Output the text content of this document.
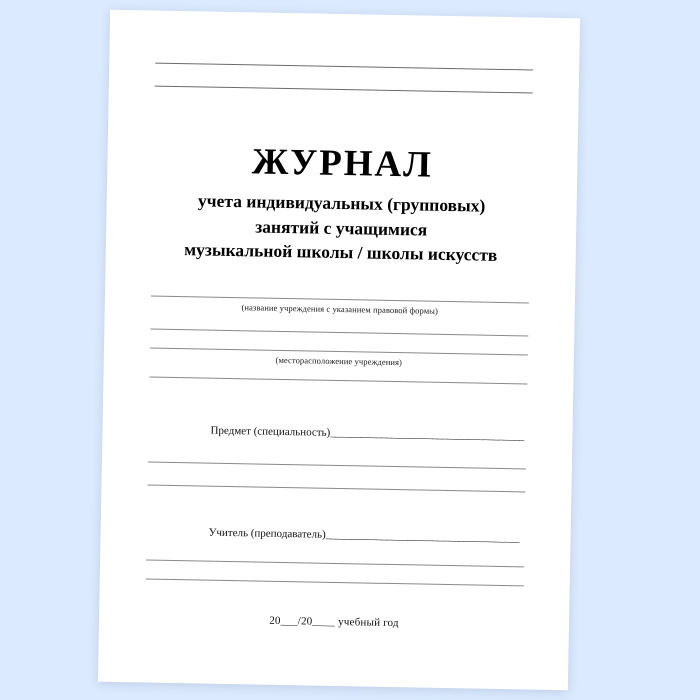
ЖУРНАЛ
учета индивидуальных (групповых)
занятий с учащимися
музыкальной школы / школы искусств
(название учреждения с указанием правовой формы)
(месторасположение учреждения)
Предмет (специальность) ______________________________________
Учитель (преподаватель) ______________________________________
20___/20____ учебный год
